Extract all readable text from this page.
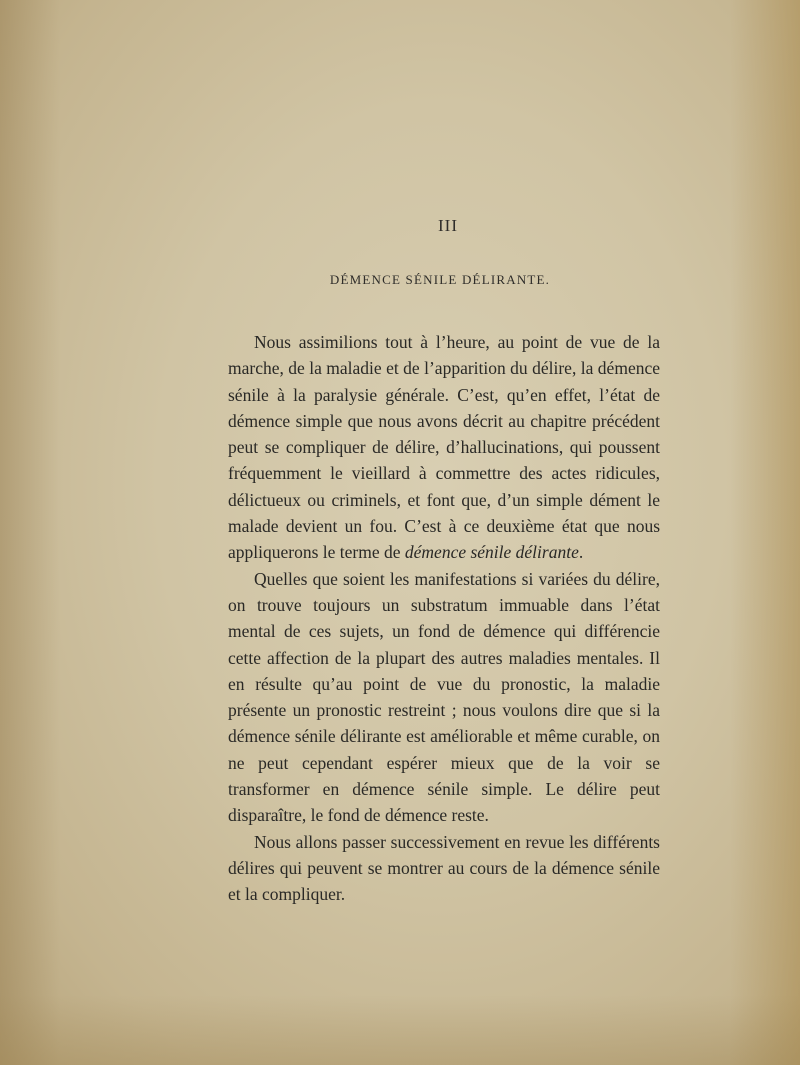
III
DÉMENCE SÉNILE DÉLIRANTE.

Nous assimilions tout à l’heure, au point de vue de la marche, de la maladie et de l’apparition du délire, la démence sénile à la paralysie générale. C’est, qu’en effet, l’état de démence simple que nous avons décrit au chapitre précédent peut se compliquer de délire, d’hallucinations, qui poussent fréquemment le vieillard à commettre des actes ridicules, délictueux ou criminels, et font que, d’un simple dément le malade devient un fou. C’est à ce deuxième état que nous appliquerons le terme de démence sénile délirante.

Quelles que soient les manifestations si variées du délire, on trouve toujours un substratum immuable dans l’état mental de ces sujets, un fond de démence qui différencie cette affection de la plupart des autres maladies mentales. Il en résulte qu’au point de vue du pronostic, la maladie présente un pronostic restreint ; nous voulons dire que si la démence sénile délirante est améliorable et même curable, on ne peut cependant espérer mieux que de la voir se transformer en démence sénile simple. Le délire peut disparaître, le fond de démence reste.

Nous allons passer successivement en revue les différents délires qui peuvent se montrer au cours de la démence sénile et la compliquer.
